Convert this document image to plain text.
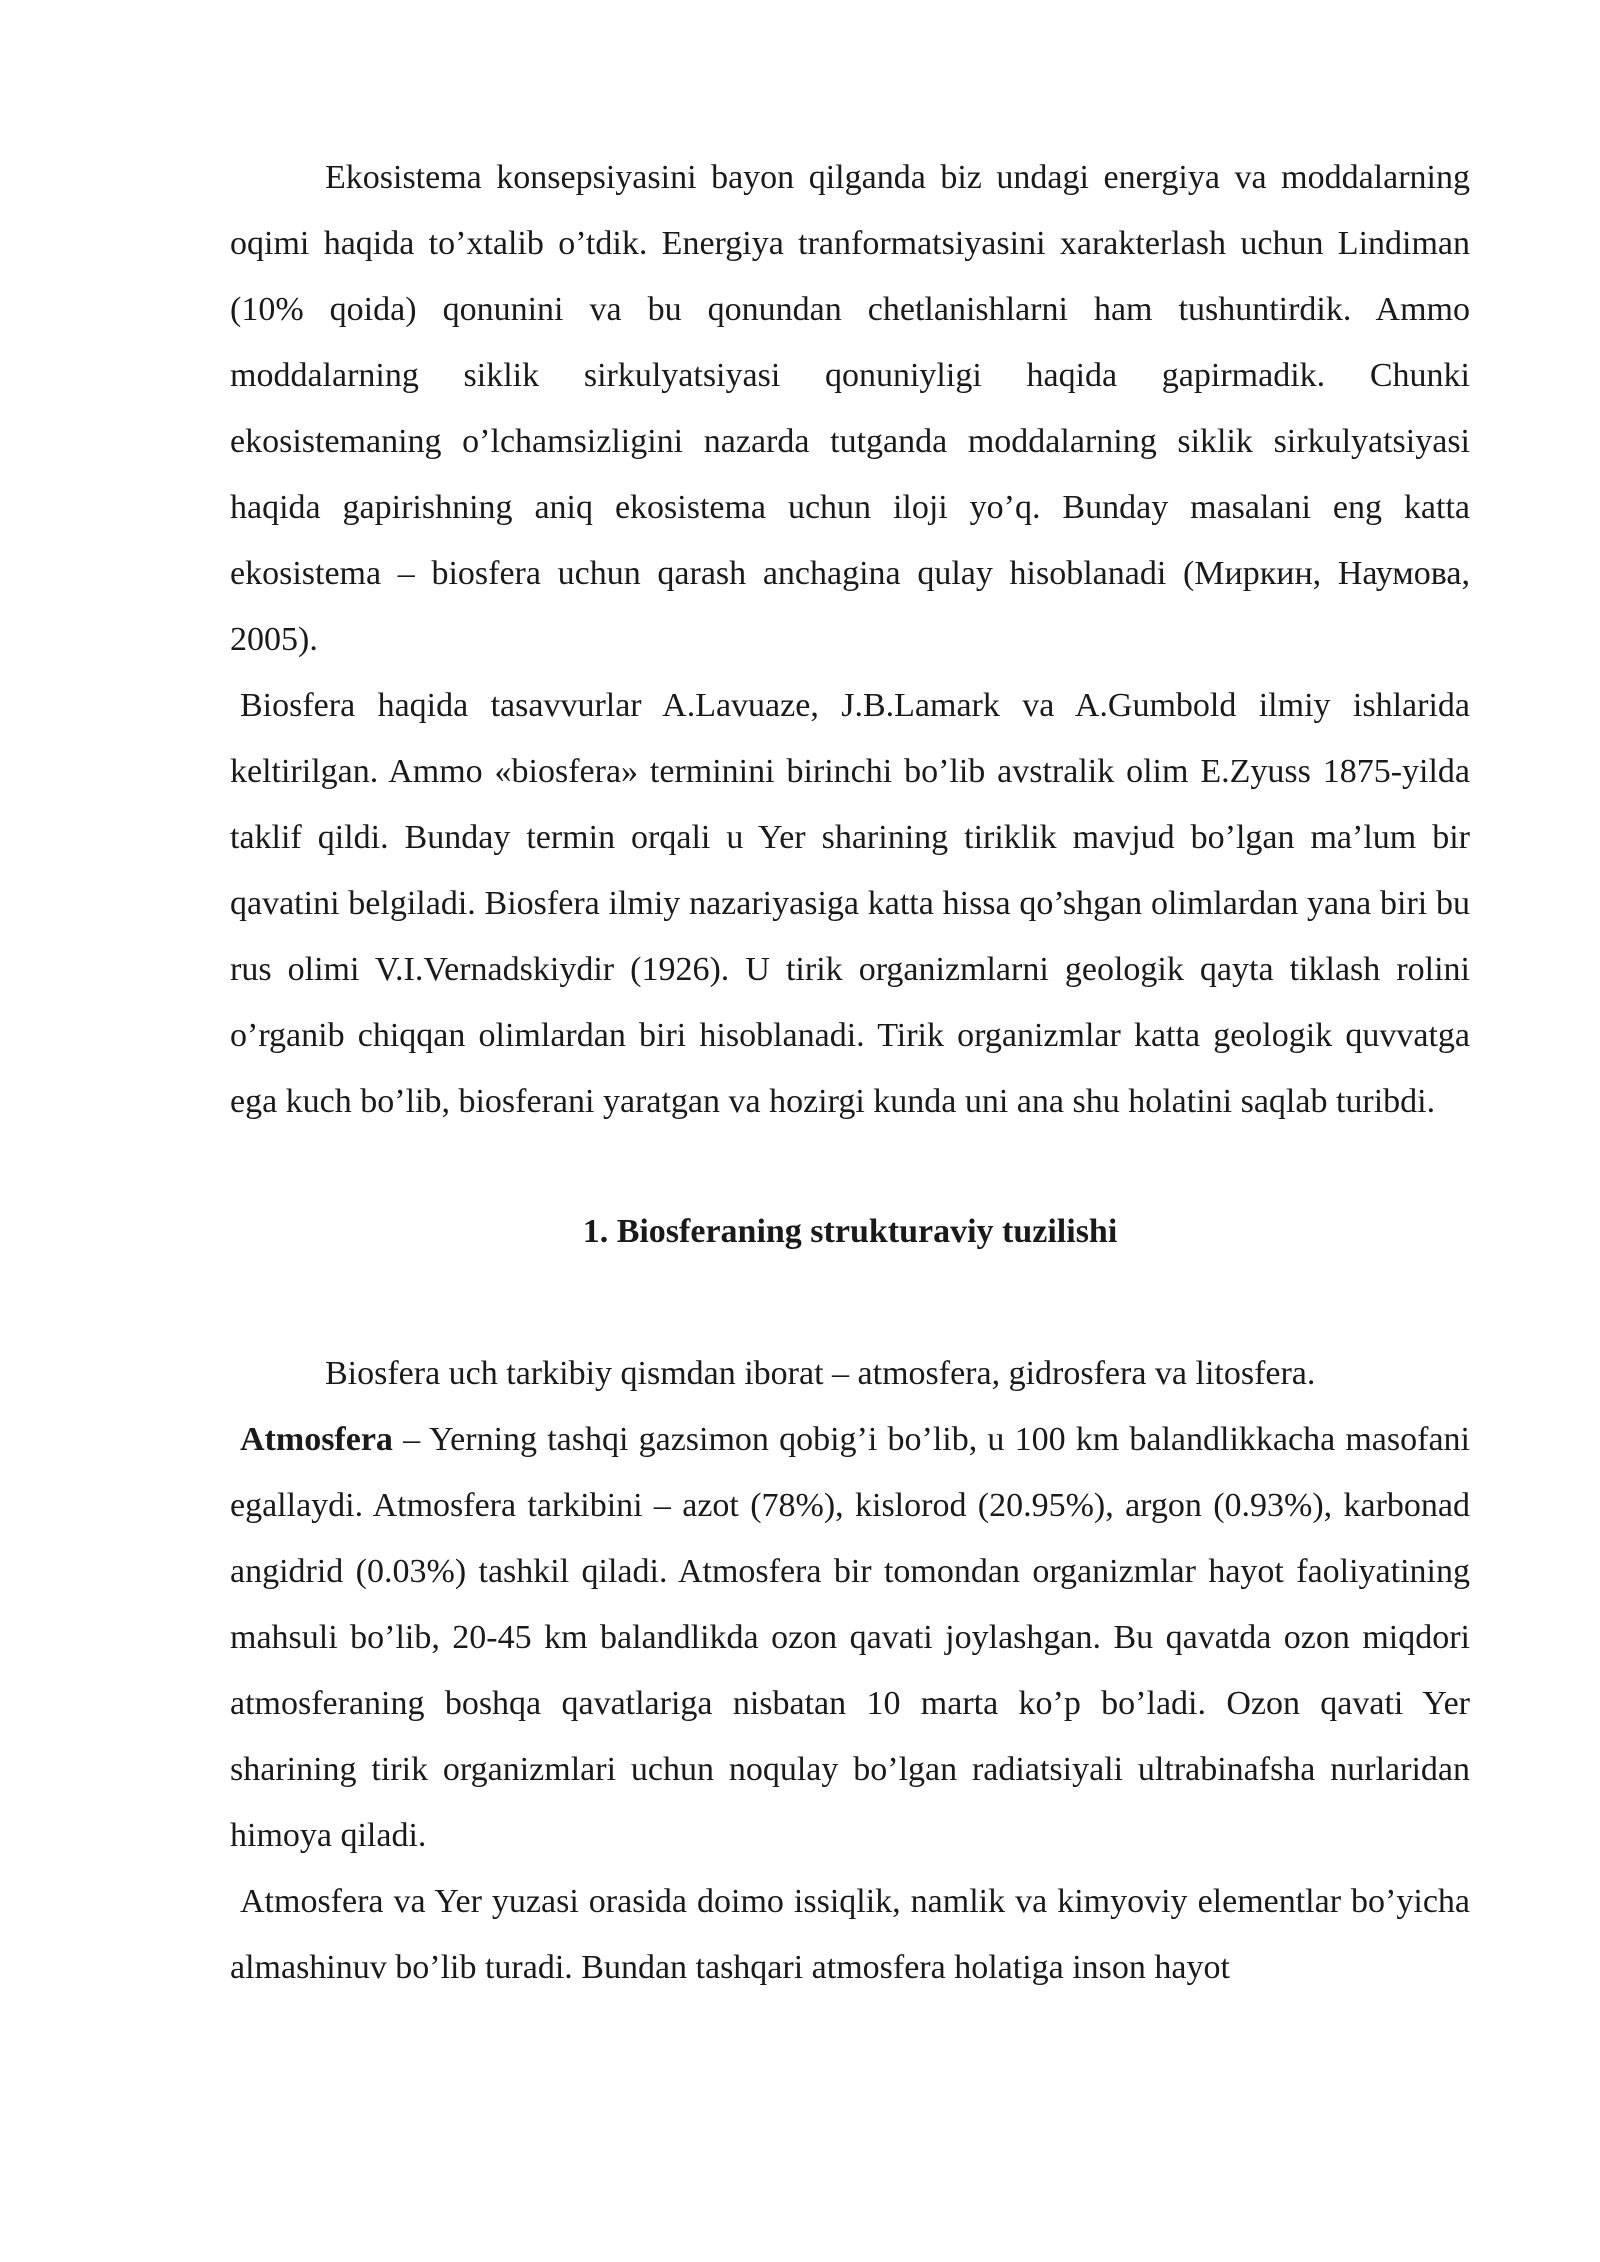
Ekosistema konsepsiyasini bayon qilganda biz undagi energiya va moddalarning oqimi haqida to’xtalib o’tdik. Energiya tranformatsiyasini xarakterlash uchun Lindiman (10% qoida) qonunini va bu qonundan chetlanishlarni ham tushuntirdik. Ammo moddalarning siklik sirkulyatsiyasi qonuniyligi haqida gapirmadik. Chunki ekosistemaning o’lchamsizligini nazarda tutganda moddalarning siklik sirkulyatsiyasi haqida gapirishning aniq ekosistema uchun iloji yo’q. Bunday masalani eng katta ekosistema – biosfera uchun qarash anchagina qulay hisoblanadi (Миркин, Наумова, 2005).

Biosfera haqida tasavvurlar A.Lavuaze, J.B.Lamark va A.Gumbold ilmiy ishlarida keltirilgan. Ammo «biosfera» terminini birinchi bo’lib avstralik olim E.Zyuss 1875-yilda taklif qildi. Bunday termin orqali u Yer sharining tiriklik mavjud bo’lgan ma’lum bir qavatini belgiladi. Biosfera ilmiy nazariyasiga katta hissa qo’shgan olimlardan yana biri bu rus olimi V.I.Vernadskiydir (1926). U tirik organizmlarni geologik qayta tiklash rolini o’rganib chiqqan olimlardan biri hisoblanadi. Tirik organizmlar katta geologik quvvatga ega kuch bo’lib, biosferani yaratgan va hozirgi kunda uni ana shu holatini saqlab turibdi.

1. Biosferaning strukturaviy tuzilishi

Biosfera uch tarkibiy qismdan iborat – atmosfera, gidrosfera va litosfera.

Atmosfera – Yerning tashqi gazsimon qobig’i bo’lib, u 100 km balandlikkacha masofani egallaydi. Atmosfera tarkibini – azot (78%), kislorod (20.95%), argon (0.93%), karbonad angidrid (0.03%) tashkil qiladi. Atmosfera bir tomondan organizmlar hayot faoliyatining mahsuli bo’lib, 20-45 km balandlikda ozon qavati joylashgan. Bu qavatda ozon miqdori atmosferaning boshqa qavatlariga nisbatan 10 marta ko’p bo’ladi. Ozon qavati Yer sharining tirik organizmlari uchun noqulay bo’lgan radiatsiyali ultrabinafsha nurlaridan himoya qiladi.

Atmosfera va Yer yuzasi orasida doimo issiqlik, namlik va kimyoviy elementlar bo’yicha almashinuv bo’lib turadi. Bundan tashqari atmosfera holatiga inson hayot
